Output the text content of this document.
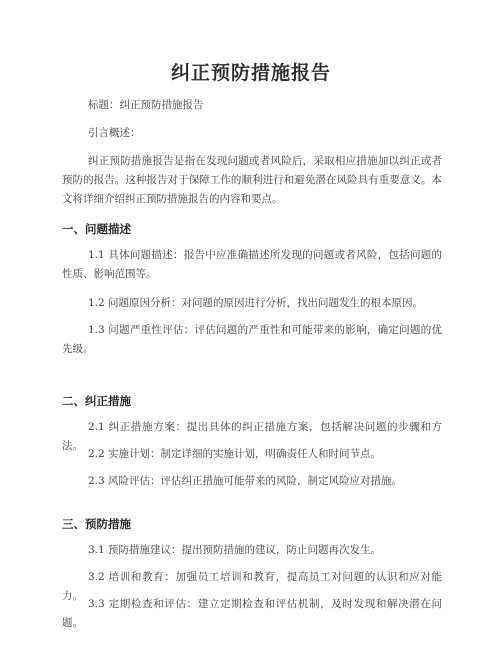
纠正预防措施报告

标题：纠正预防措施报告

引言概述：

纠正预防措施报告是指在发现问题或者风险后，采取相应措施加以纠正或者预防的报告。这种报告对于保障工作的顺利进行和避免潜在风险具有重要意义。本文将详细介绍纠正预防措施报告的内容和要点。

一、问题描述

1.1 具体问题描述：报告中应准确描述所发现的问题或者风险，包括问题的性质、影响范围等。

1.2 问题原因分析：对问题的原因进行分析，找出问题发生的根本原因。

1.3 问题严重性评估：评估问题的严重性和可能带来的影响，确定问题的优先级。

二、纠正措施

2.1 纠正措施方案：提出具体的纠正措施方案，包括解决问题的步骤和方法。

2.2 实施计划：制定详细的实施计划，明确责任人和时间节点。

2.3 风险评估：评估纠正措施可能带来的风险，制定风险应对措施。

三、预防措施

3.1 预防措施建议：提出预防措施的建议，防止问题再次发生。

3.2 培训和教育：加强员工培训和教育，提高员工对问题的认识和应对能力。

3.3 定期检查和评估：建立定期检查和评估机制，及时发现和解决潜在问题。
